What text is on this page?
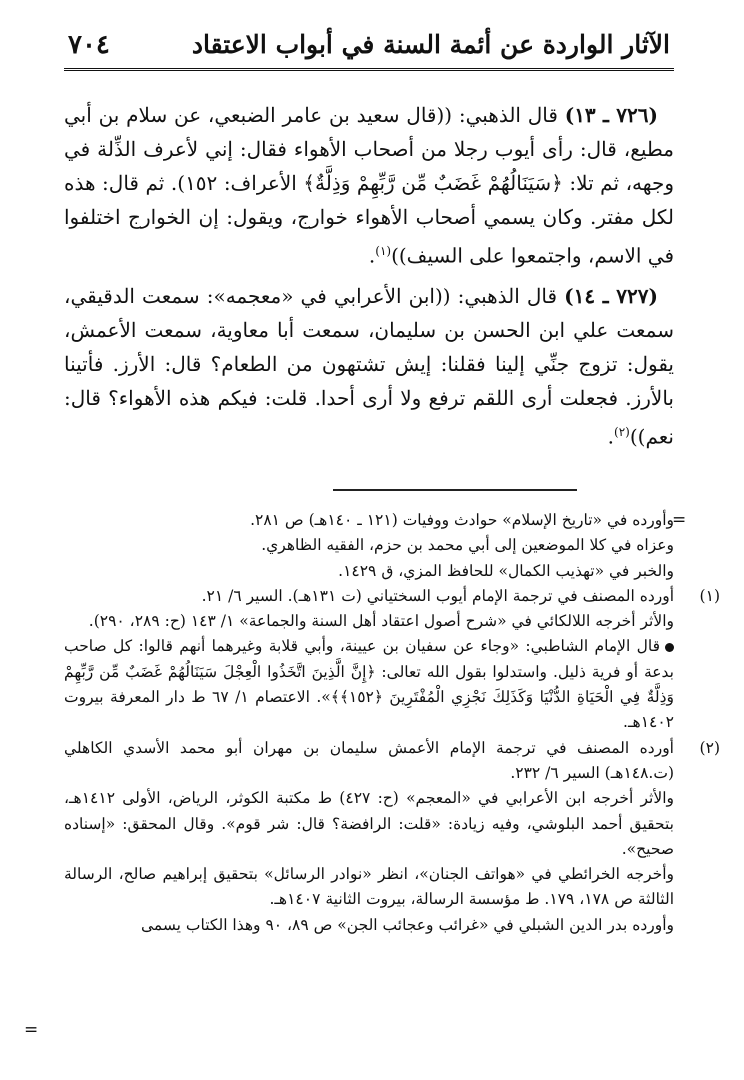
الآثار الواردة عن أئمة السنة في أبواب الاعتقاد
٧٠٤

(٧٢٦ ـ ١٣) قال الذهبي: ((قال سعيد بن عامر الضبعي، عن سلام بن أبي مطيع، قال: رأى أيوب رجلا من أصحاب الأهواء فقال: إني لأعرف الذِّلة في وجهه، ثم تلا: ﴿سَيَنَالُهُمْ غَضَبٌ مِّن رَّبِّهِمْ وَذِلَّةٌ﴾ الأعراف: ١٥٢). ثم قال: هذه لكل مفتر. وكان يسمي أصحاب الأهواء خوارج، ويقول: إن الخوارج اختلفوا في الاسم، واجتمعوا على السيف))$^{(١)}$.

(٧٢٧ ـ ١٤) قال الذهبي: ((ابن الأعرابي في «معجمه»: سمعت الدقيقي، سمعت علي ابن الحسن بن سليمان، سمعت أبا معاوية، سمعت الأعمش، يقول: تزوج جنِّي إلينا فقلنا: إيش تشتهون من الطعام؟ قال: الأرز. فأتينا بالأرز. فجعلت أرى اللقم ترفع ولا أرى أحدا. قلت: فيكم هذه الأهواء؟ قال: نعم))$^{(٢)}$.

=

وأورده في «تاريخ الإسلام» حوادث ووفيات (١٢١ ـ ١٤٠هـ) ص ٢٨١.

وعزاه في كلا الموضعين إلى أبي محمد بن حزم، الفقيه الظاهري.

والخبر في «تهذيب الكمال» للحافظ المزي، ق ١٤٢٩.

(١)

أورده المصنف في ترجمة الإمام أيوب السختياني (ت ١٣١هـ). السير ٦/ ٢١.

والأثر أخرجه اللالكائي في «شرح أصول اعتقاد أهل السنة والجماعة» ١/ ١٤٣ (ح: ٢٨٩، ٢٩٠).

قال الإمام الشاطبي: «وجاء عن سفيان بن عيينة، وأبي قلابة وغيرهما أنهم قالوا: كل صاحب بدعة أو فرية ذليل. واستدلوا بقول الله تعالى: ﴿إِنَّ الَّذِينَ اتَّخَذُوا الْعِجْلَ سَيَنَالُهُمْ غَضَبٌ مِّن رَّبِّهِمْ وَذِلَّةٌ فِي الْحَيَاةِ الدُّنْيَا وَكَذَلِكَ نَجْزِي الْمُفْتَرِينَ ﴿١٥٢﴾﴾». الاعتصام ١/ ٦٧ ط دار المعرفة بيروت ١٤٠٢هـ.

(٢)

أورده المصنف في ترجمة الإمام الأعمش سليمان بن مهران أبو محمد الأسدي الكاهلي (ت.١٤٨هـ) السير ٦/ ٢٣٢.

والأثر أخرجه ابن الأعرابي في «المعجم» (ح: ٤٢٧) ط مكتبة الكوثر، الرياض، الأولى ١٤١٢هـ، بتحقيق أحمد البلوشي، وفيه زيادة: «قلت: الرافضة؟ قال: شر قوم». وقال المحقق: «إسناده صحيح».

وأخرجه الخرائطي في «هواتف الجنان»، انظر «نوادر الرسائل» بتحقيق إبراهيم صالح، الرسالة الثالثة ص ١٧٨، ١٧٩. ط مؤسسة الرسالة، بيروت الثانية ١٤٠٧هـ.

وأورده بدر الدين الشبلي في «غرائب وعجائب الجن» ص ٨٩، ٩٠ وهذا الكتاب يسمى

=
